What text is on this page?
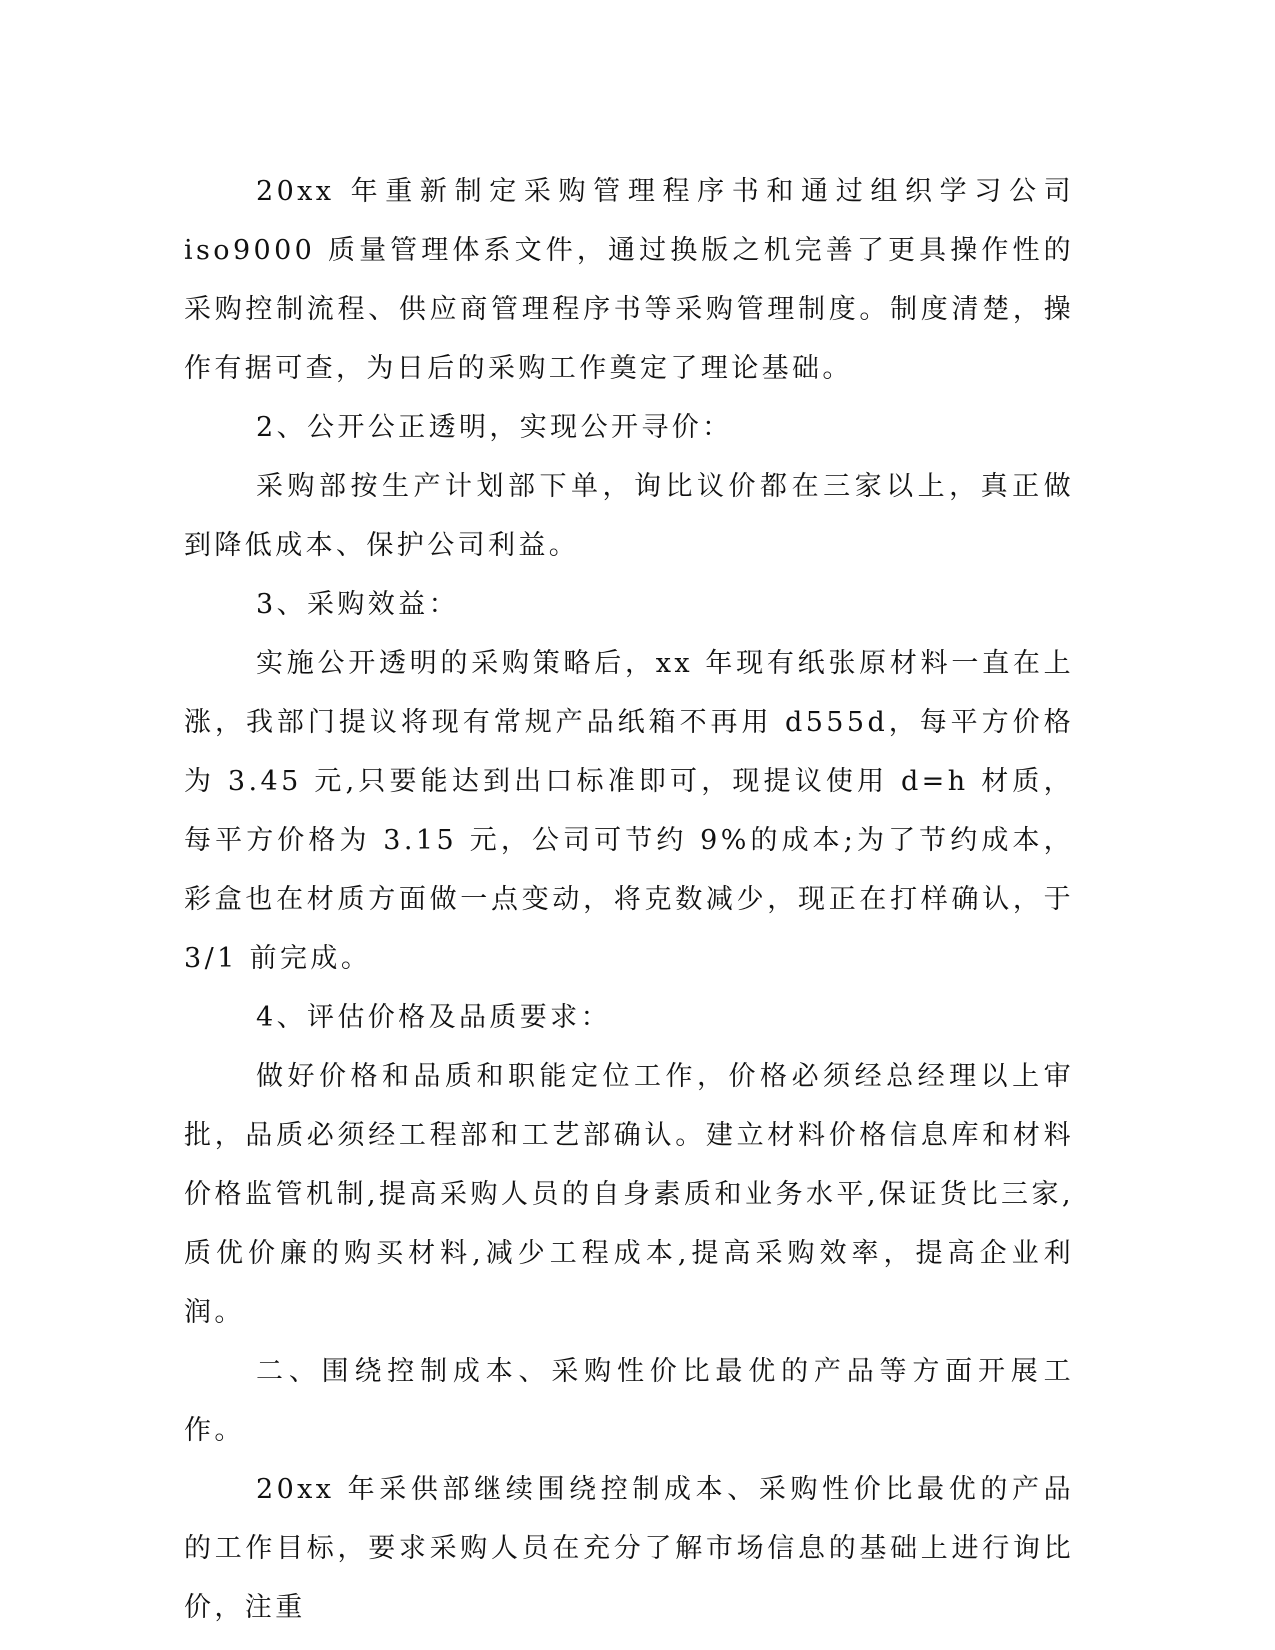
20xx 年重新制定采购管理程序书和通过组织学习公司 iso9000 质量管理体系文件，通过换版之机完善了更具操作性的采购控制流程、供应商管理程序书等采购管理制度。制度清楚，操作有据可查，为日后的采购工作奠定了理论基础。

2、公开公正透明，实现公开寻价：

采购部按生产计划部下单，询比议价都在三家以上，真正做到降低成本、保护公司利益。

3、采购效益：

实施公开透明的采购策略后，xx 年现有纸张原材料一直在上涨，我部门提议将现有常规产品纸箱不再用 d555d，每平方价格为 3.45 元,只要能达到出口标准即可，现提议使用 d=h 材质，每平方价格为 3.15 元，公司可节约 9%的成本;为了节约成本，彩盒也在材质方面做一点变动，将克数减少，现正在打样确认，于 3/1 前完成。

4、评估价格及品质要求：

做好价格和品质和职能定位工作，价格必须经总经理以上审批，品质必须经工程部和工艺部确认。建立材料价格信息库和材料价格监管机制,提高采购人员的自身素质和业务水平,保证货比三家,质优价廉的购买材料,减少工程成本,提高采购效率，提高企业利润。

二、围绕控制成本、采购性价比最优的产品等方面开展工作。

20xx 年采供部继续围绕控制成本、采购性价比最优的产品的工作目标，要求采购人员在充分了解市场信息的基础上进行询比价，注重
